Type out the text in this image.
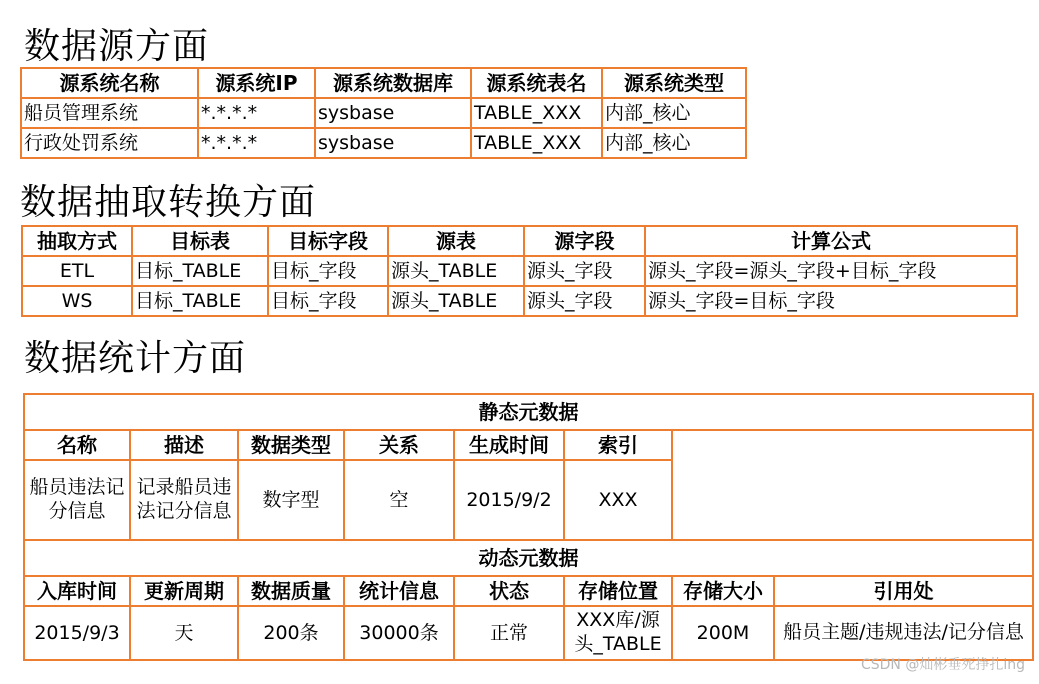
数据源方面
源系统名称	源系统IP	源系统数据库	源系统表名	源系统类型
船员管理系统	*.*.*.*	sysbase	TABLE_XXX	内部_核心
行政处罚系统	*.*.*.*	sysbase	TABLE_XXX	内部_核心
数据抽取转换方面
抽取方式	目标表	目标字段	源表	源字段	计算公式
ETL	目标_TABLE	目标_字段	源头_TABLE	源头_字段	源头_字段=源头_字段+目标_字段
WS	目标_TABLE	目标_字段	源头_TABLE	源头_字段	源头_字段=目标_字段
数据统计方面
静态元数据						
名称	描述	数据类型	关系	生成时间	索引	
船员违法记分信息	记录船员违法记分信息	数字型	空	2015/9/2	XXX	
动态元数据							
入库时间	更新周期	数据质量	统计信息	状态	存储位置	存储大小	引用处
2015/9/3	天	200条	30000条	正常	XXX库/源头_TABLE	200M	船员主题/违规违法/记分信息
CSDN @灿彬垂死挣扎ing
